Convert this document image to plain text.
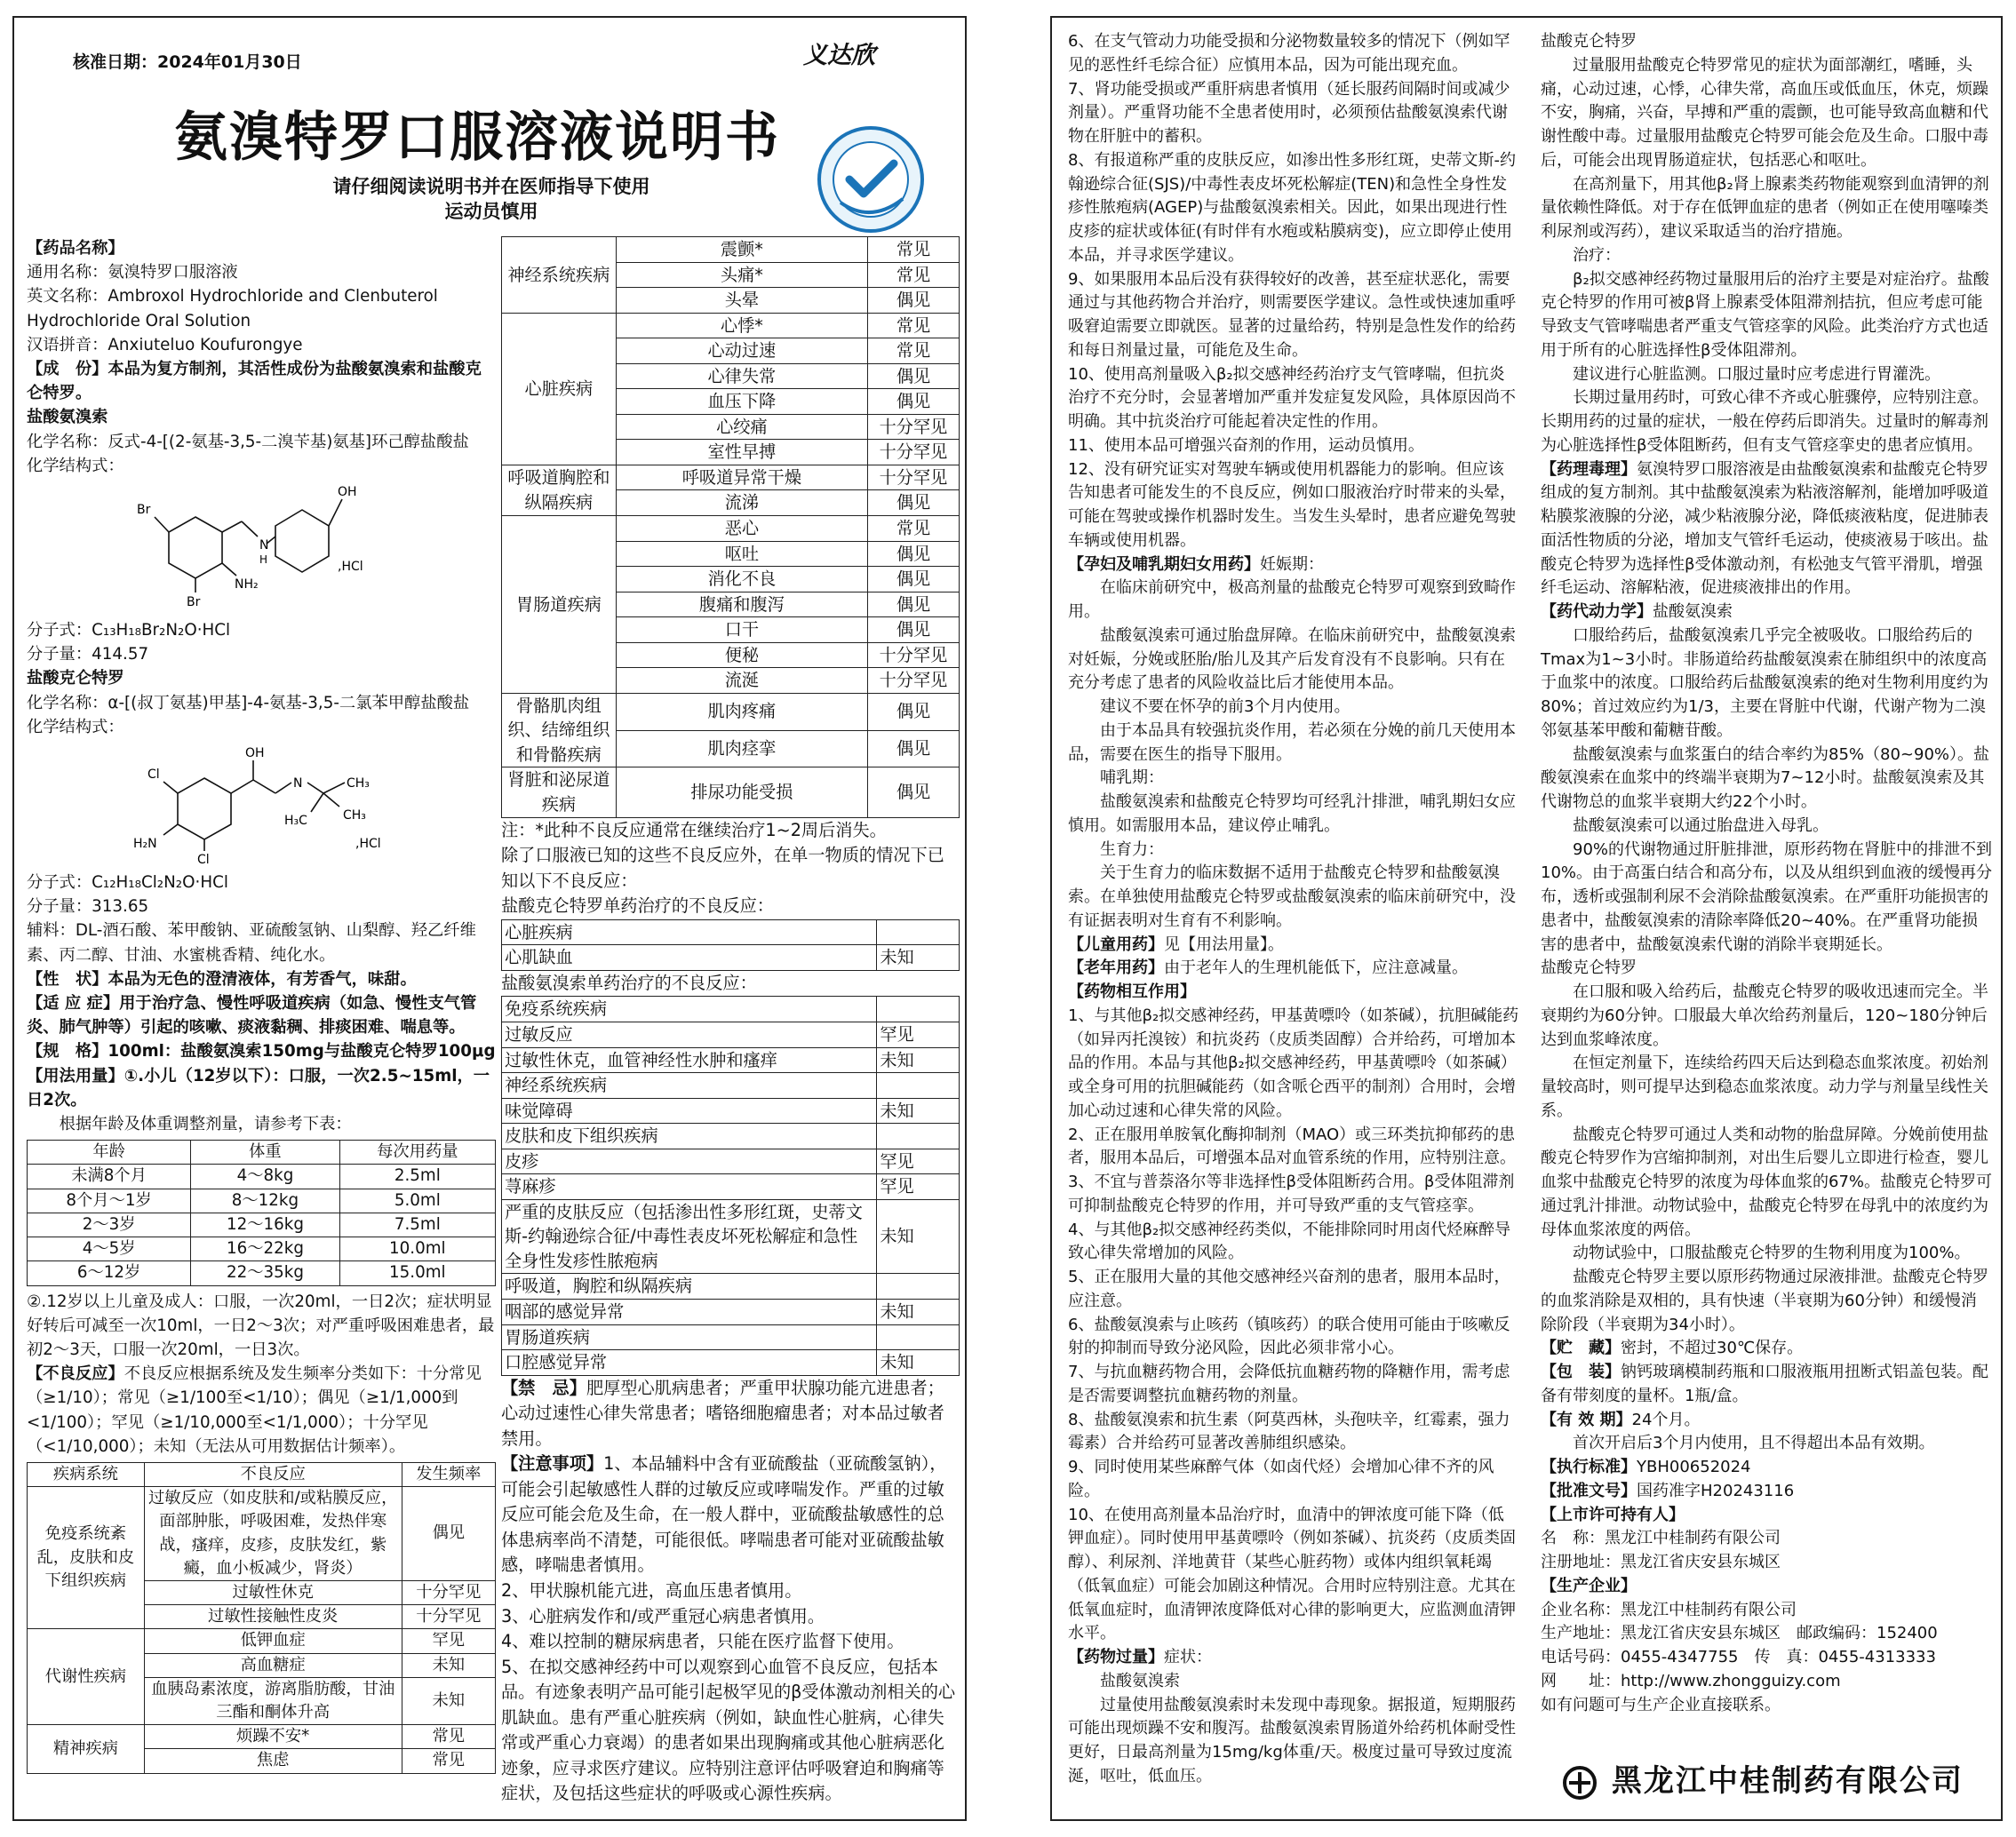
核准日期：2024年01月30日	义达欣
氨溴特罗口服溶液说明书
请仔细阅读说明书并在医师指导下使用
运动员慎用
【药品名称】
通用名称：氨溴特罗口服溶液
英文名称：Ambroxol Hydrochloride and Clenbuterol
Hydrochloride Oral Solution
汉语拼音：Anxiuteluo Koufurongye
【成　份】本品为复方制剂，其活性成份为盐酸氨溴索和盐酸克仑特罗。
盐酸氨溴索
化学名称：反式-4-[(2-氨基-3,5-二溴苄基)氨基]环己醇盐酸盐
化学结构式：
Br
Br
N
H
OH
NH₂
,HCl
分子式：C₁₃H₁₈Br₂N₂O·HCl
分子量：414.57
盐酸克仑特罗
化学名称：α-[(叔丁氨基)甲基]-4-氨基-3,5-二氯苯甲醇盐酸盐
化学结构式：
OH
N	CH₃
CH₃
H₃C
Cl
Cl
H₂N	,HCl
分子式：C₁₂H₁₈Cl₂N₂O·HCl
分子量：313.65
辅料：DL-酒石酸、苯甲酸钠、亚硫酸氢钠、山梨醇、羟乙纤维素、丙二醇、甘油、水蜜桃香精、纯化水。
【性　状】本品为无色的澄清液体，有芳香气，味甜。
【适 应 症】用于治疗急、慢性呼吸道疾病（如急、慢性支气管炎、肺气肿等）引起的咳嗽、痰液黏稠、排痰困难、喘息等。
【规　格】100ml：盐酸氨溴索150mg与盐酸克仑特罗100μg
【用法用量】①.小儿（12岁以下）：口服，一次2.5~15ml，一日2次。
根据年龄及体重调整剂量，请参考下表：
年龄	体重	每次用药量
未满8个月	4～8kg	2.5ml
8个月～1岁	8～12kg	5.0ml
2～3岁	12～16kg	7.5ml
4～5岁	16～22kg	10.0ml
6～12岁	22～35kg	15.0ml
②.12岁以上儿童及成人：口服，一次20ml，一日2次；症状明显好转后可减至一次10ml，一日2～3次；对严重呼吸困难患者，最初2～3天，口服一次20ml，一日3次。
【不良反应】不良反应根据系统及发生频率分类如下：十分常见（≥1/10）；常见（≥1/100至<1/10）；偶见（≥1/1,000到<1/100）；罕见（≥1/10,000至<1/1,000）；十分罕见（<1/10,000）；未知（无法从可用数据估计频率）。
疾病系统	不良反应	发生频率
免疫系统紊乱，皮肤和皮下组织疾病	过敏反应（如皮肤和/或粘膜反应，面部肿胀，呼吸困难，发热伴寒战，瘙痒，皮疹，皮肤发红，紫癜，血小板减少，肾炎）	偶见
	过敏性休克	十分罕见
	过敏性接触性皮炎	十分罕见
代谢性疾病	低钾血症	罕见
	高血糖症	未知
	血胰岛素浓度，游离脂肪酸，甘油三酯和酮体升高	未知
精神疾病	烦躁不安*	常见
	焦虑	常见
神经系统疾病	震颤*	常见
	头痛*	常见
	头晕	偶见
心脏疾病	心悸*	常见
	心动过速	常见
	心律失常	偶见
	血压下降	偶见
	心绞痛	十分罕见
	室性早搏	十分罕见
呼吸道胸腔和纵隔疾病	呼吸道异常干燥	十分罕见
	流涕	偶见
胃肠道疾病	恶心	常见
	呕吐	偶见
	消化不良	偶见
	腹痛和腹泻	偶见
	口干	偶见
	便秘	十分罕见
	流涎	十分罕见
骨骼肌肉组织、结缔组织和骨骼疾病	肌肉疼痛	偶见
	肌肉痉挛	偶见
肾脏和泌尿道疾病	排尿功能受损	偶见
注：*此种不良反应通常在继续治疗1~2周后消失。
除了口服液已知的这些不良反应外，在单一物质的情况下已知以下不良反应：
盐酸克仑特罗单药治疗的不良反应：
心脏疾病	
心肌缺血	未知
盐酸氨溴索单药治疗的不良反应：
免疫系统疾病	
过敏反应	罕见
过敏性休克，血管神经性水肿和瘙痒	未知
神经系统疾病	
味觉障碍	未知
皮肤和皮下组织疾病	
皮疹	罕见
荨麻疹	罕见
严重的皮肤反应（包括渗出性多形红斑，史蒂文斯-约翰逊综合征/中毒性表皮坏死松解症和急性全身性发疹性脓疱病	未知
呼吸道，胸腔和纵隔疾病	
咽部的感觉异常	未知
胃肠道疾病	
口腔感觉异常	未知
【禁　忌】肥厚型心肌病患者；严重甲状腺功能亢进患者；心动过速性心律失常患者；嗜铬细胞瘤患者；对本品过敏者禁用。
【注意事项】1、本品辅料中含有亚硫酸盐（亚硫酸氢钠），可能会引起敏感性人群的过敏反应或哮喘发作。严重的过敏反应可能会危及生命，在一般人群中，亚硫酸盐敏感性的总体患病率尚不清楚，可能很低。哮喘患者可能对亚硫酸盐敏感，哮喘患者慎用。
2、甲状腺机能亢进，高血压患者慎用。
3、心脏病发作和/或严重冠心病患者慎用。
4、难以控制的糖尿病患者，只能在医疗监督下使用。
5、在拟交感神经药中可以观察到心血管不良反应，包括本品。有迹象表明产品可能引起极罕见的β受体激动剂相关的心肌缺血。患有严重心脏疾病（例如，缺血性心脏病，心律失常或严重心力衰竭）的患者如果出现胸痛或其他心脏病恶化迹象，应寻求医疗建议。应特别注意评估呼吸窘迫和胸痛等症状，及包括这些症状的呼吸或心源性疾病。
6、在支气管动力功能受损和分泌物数量较多的情况下（例如罕见的恶性纤毛综合征）应慎用本品，因为可能出现充血。
7、肾功能受损或严重肝病患者慎用（延长服药间隔时间或减少剂量）。严重肾功能不全患者使用时，必须预估盐酸氨溴索代谢物在肝脏中的蓄积。
8、有报道称严重的皮肤反应，如渗出性多形红斑，史蒂文斯-约翰逊综合征(SJS)/中毒性表皮坏死松解症(TEN)和急性全身性发疹性脓疱病(AGEP)与盐酸氨溴索相关。因此，如果出现进行性皮疹的症状或体征(有时伴有水疱或粘膜病变)，应立即停止使用本品，并寻求医学建议。
9、如果服用本品后没有获得较好的改善，甚至症状恶化，需要通过与其他药物合并治疗，则需要医学建议。急性或快速加重呼吸窘迫需要立即就医。显著的过量给药，特别是急性发作的给药和每日剂量过量，可能危及生命。
10、使用高剂量吸入β₂拟交感神经药治疗支气管哮喘，但抗炎治疗不充分时，会显著增加严重并发症复发风险，具体原因尚不明确。其中抗炎治疗可能起着决定性的作用。
11、使用本品可增强兴奋剂的作用，运动员慎用。
12、没有研究证实对驾驶车辆或使用机器能力的影响。但应该告知患者可能发生的不良反应，例如口服液治疗时带来的头晕，可能在驾驶或操作机器时发生。当发生头晕时，患者应避免驾驶车辆或使用机器。
【孕妇及哺乳期妇女用药】妊娠期：
在临床前研究中，极高剂量的盐酸克仑特罗可观察到致畸作用。
盐酸氨溴索可通过胎盘屏障。在临床前研究中，盐酸氨溴索对妊娠，分娩或胚胎/胎儿及其产后发育没有不良影响。只有在充分考虑了患者的风险收益比后才能使用本品。
建议不要在怀孕的前3个月内使用。
由于本品具有较强抗炎作用，若必须在分娩的前几天使用本品，需要在医生的指导下服用。
哺乳期：
盐酸氨溴索和盐酸克仑特罗均可经乳汁排泄，哺乳期妇女应慎用。如需服用本品，建议停止哺乳。
生育力：
关于生育力的临床数据不适用于盐酸克仑特罗和盐酸氨溴索。在单独使用盐酸克仑特罗或盐酸氨溴索的临床前研究中，没有证据表明对生育有不利影响。
【儿童用药】见【用法用量】。
【老年用药】由于老年人的生理机能低下，应注意减量。
【药物相互作用】
1、与其他β₂拟交感神经药，甲基黄嘌呤（如茶碱），抗胆碱能药（如异丙托溴铵）和抗炎药（皮质类固醇）合并给药，可增加本品的作用。本品与其他β₂拟交感神经药，甲基黄嘌呤（如茶碱）或全身可用的抗胆碱能药（如含哌仑西平的制剂）合用时，会增加心动过速和心律失常的风险。
2、正在服用单胺氧化酶抑制剂（MAO）或三环类抗抑郁药的患者，服用本品后，可增强本品对血管系统的作用，应特别注意。
3、不宜与普萘洛尔等非选择性β受体阻断药合用。β受体阻滞剂可抑制盐酸克仑特罗的作用，并可导致严重的支气管痉挛。
4、与其他β₂拟交感神经药类似，不能排除同时用卤代烃麻醉导致心律失常增加的风险。
5、正在服用大量的其他交感神经兴奋剂的患者，服用本品时，应注意。
6、盐酸氨溴索与止咳药（镇咳药）的联合使用可能由于咳嗽反射的抑制而导致分泌风险，因此必须非常小心。
7、与抗血糖药物合用，会降低抗血糖药物的降糖作用，需考虑是否需要调整抗血糖药物的剂量。
8、盐酸氨溴索和抗生素（阿莫西林，头孢呋辛，红霉素，强力霉素）合并给药可显著改善肺组织感染。
9、同时使用某些麻醉气体（如卤代烃）会增加心律不齐的风险。
10、在使用高剂量本品治疗时，血清中的钾浓度可能下降（低钾血症）。同时使用甲基黄嘌呤（例如茶碱）、抗炎药（皮质类固醇）、利尿剂、洋地黄苷（某些心脏药物）或体内组织氧耗竭（低氧血症）可能会加剧这种情况。合用时应特别注意。尤其在低氧血症时，血清钾浓度降低对心律的影响更大，应监测血清钾水平。
【药物过量】症状：
盐酸氨溴索
过量使用盐酸氨溴索时未发现中毒现象。据报道，短期服药可能出现烦躁不安和腹泻。盐酸氨溴索胃肠道外给药机体耐受性更好，日最高剂量为15mg/kg体重/天。极度过量可导致过度流涎，呕吐，低血压。
盐酸克仑特罗
过量服用盐酸克仑特罗常见的症状为面部潮红，嗜睡，头痛，心动过速，心悸，心律失常，高血压或低血压，休克，烦躁不安，胸痛，兴奋，早搏和严重的震颤，也可能导致高血糖和代谢性酸中毒。过量服用盐酸克仑特罗可能会危及生命。口服中毒后，可能会出现胃肠道症状，包括恶心和呕吐。
在高剂量下，用其他β₂肾上腺素类药物能观察到血清钾的剂量依赖性降低。对于存在低钾血症的患者（例如正在使用噻嗪类利尿剂或泻药），建议采取适当的治疗措施。
治疗：
β₂拟交感神经药物过量服用后的治疗主要是对症治疗。盐酸克仑特罗的作用可被β肾上腺素受体阻滞剂拮抗，但应考虑可能导致支气管哮喘患者严重支气管痉挛的风险。此类治疗方式也适用于所有的心脏选择性β受体阻滞剂。
建议进行心脏监测。口服过量时应考虑进行胃灌洗。
长期过量用药时，可致心律不齐或心脏骤停，应特别注意。长期用药的过量的症状，一般在停药后即消失。过量时的解毒剂为心脏选择性β受体阻断药，但有支气管痉挛史的患者应慎用。
【药理毒理】氨溴特罗口服溶液是由盐酸氨溴索和盐酸克仑特罗组成的复方制剂。其中盐酸氨溴索为粘液溶解剂，能增加呼吸道粘膜浆液腺的分泌，减少粘液腺分泌，降低痰液粘度，促进肺表面活性物质的分泌，增加支气管纤毛运动，使痰液易于咳出。盐酸克仑特罗为选择性β受体激动剂，有松弛支气管平滑肌，增强纤毛运动、溶解粘液，促进痰液排出的作用。
【药代动力学】盐酸氨溴索
口服给药后，盐酸氨溴索几乎完全被吸收。口服给药后的Tmax为1~3小时。非肠道给药盐酸氨溴索在肺组织中的浓度高于血浆中的浓度。口服给药后盐酸氨溴索的绝对生物利用度约为80%；首过效应约为1/3，主要在肾脏中代谢，代谢产物为二溴邻氨基苯甲酸和葡糖苷酸。
盐酸氨溴索与血浆蛋白的结合率约为85%（80~90%）。盐酸氨溴索在血浆中的终端半衰期为7~12小时。盐酸氨溴索及其代谢物总的血浆半衰期大约22个小时。
盐酸氨溴索可以通过胎盘进入母乳。
90%的代谢物通过肝脏排泄，原形药物在肾脏中的排泄不到10%。由于高蛋白结合和高分布，以及从组织到血液的缓慢再分布，透析或强制利尿不会消除盐酸氨溴索。在严重肝功能损害的患者中，盐酸氨溴索的清除率降低20~40%。在严重肾功能损害的患者中，盐酸氨溴索代谢的消除半衰期延长。
盐酸克仑特罗
在口服和吸入给药后，盐酸克仑特罗的吸收迅速而完全。半衰期约为60分钟。口服最大单次给药剂量后，120~180分钟后达到血浆峰浓度。
在恒定剂量下，连续给药四天后达到稳态血浆浓度。初始剂量较高时，则可提早达到稳态血浆浓度。动力学与剂量呈线性关系。
盐酸克仑特罗可通过人类和动物的胎盘屏障。分娩前使用盐酸克仑特罗作为宫缩抑制剂，对出生后婴儿立即进行检查，婴儿血浆中盐酸克仑特罗的浓度为母体血浆的67%。盐酸克仑特罗可通过乳汁排泄。动物试验中，盐酸克仑特罗在母乳中的浓度约为母体血浆浓度的两倍。
动物试验中，口服盐酸克仑特罗的生物利用度为100%。
盐酸克仑特罗主要以原形药物通过尿液排泄。盐酸克仑特罗的血浆消除是双相的，具有快速（半衰期为60分钟）和缓慢消除阶段（半衰期为34小时）。
【贮　藏】密封，不超过30℃保存。
【包　装】钠钙玻璃模制药瓶和口服液瓶用扭断式铝盖包装。配备有带刻度的量杯。1瓶/盒。
【有 效 期】24个月。
首次开启后3个月内使用，且不得超出本品有效期。
【执行标准】YBH00652024
【批准文号】国药准字H20243116
【上市许可持有人】
名　称：黑龙江中桂制药有限公司
注册地址：黑龙江省庆安县东城区
【生产企业】
企业名称：黑龙江中桂制药有限公司
生产地址：黑龙江省庆安县东城区　邮政编码：152400
电话号码：0455-4347755　传　真：0455-4313333
网　　址：http://www.zhongguizy.com
如有问题可与生产企业直接联系。
黑龙江中桂制药有限公司
